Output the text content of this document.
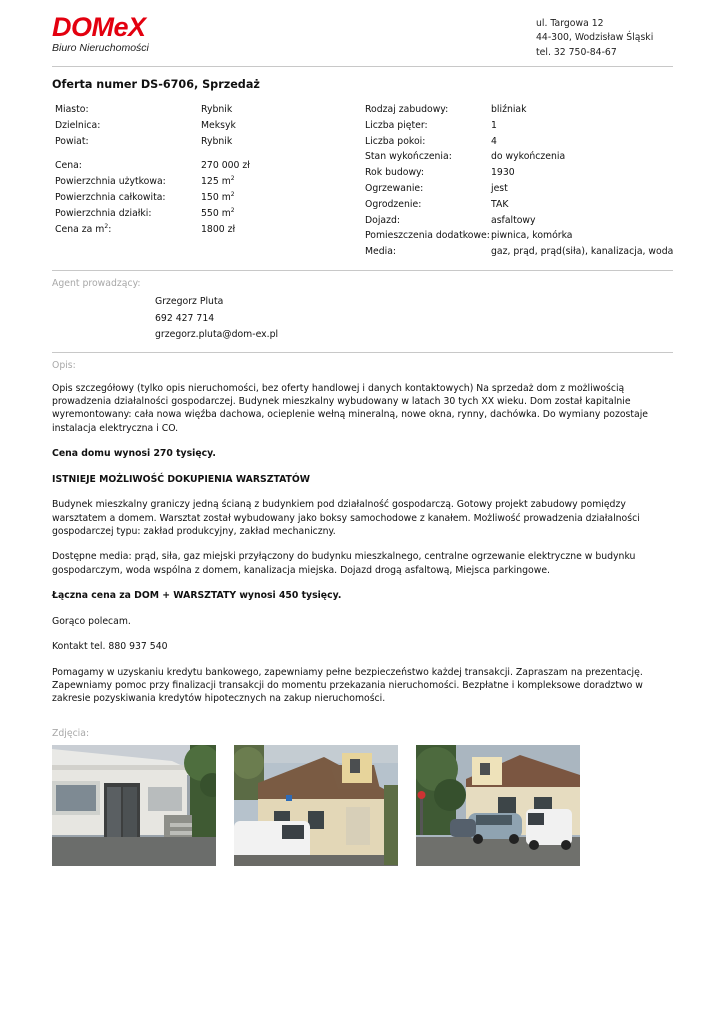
DOMeX
Biuro Nieruchomości
ul. Targowa 12
44-300, Wodzisław Śląski
tel. 32 750-84-67
Oferta numer DS-6706, Sprzedaż
Miasto:	Rybnik
Dzielnica:	Meksyk
Powiat:	Rybnik
Cena:	270 000 zł
Powierzchnia użytkowa:	125 $m^2$
Powierzchnia całkowita:	150 $m^2$
Powierzchnia działki:	550 $m^2$
Cena za $m^2$:	1800 zł
Rodzaj zabudowy:	bliźniak
Liczba pięter:	1
Liczba pokoi:	4
Stan wykończenia:	do wykończenia
Rok budowy:	1930
Ogrzewanie:	jest
Ogrodzenie:	TAK
Dojazd:	asfaltowy
Pomieszczenia dodatkowe: piwnica, komórka
Media:	gaz, prąd, prąd(siła), kanalizacja, woda
Agent prowadzący:
Grzegorz Pluta
692 427 714
grzegorz.pluta@dom-ex.pl
Opis:

Opis szczegółowy (tylko opis nieruchomości, bez oferty handlowej i danych kontaktowych) Na sprzedaż dom z możliwością prowadzenia działalności gospodarczej. Budynek mieszkalny wybudowany w latach 30 tych XX wieku. Dom został kapitalnie wyremontowany: cała nowa więźba dachowa, ocieplenie wełną mineralną, nowe okna, rynny, dachówka. Do wymiany pozostaje instalacja elektryczna i CO.

Cena domu wynosi 270 tysięcy.

ISTNIEJE MOŻLIWOŚĆ DOKUPIENIA WARSZTATÓW

Budynek mieszkalny graniczy jedną ścianą z budynkiem pod działalność gospodarczą. Gotowy projekt zabudowy pomiędzy warsztatem a domem. Warsztat został wybudowany jako boksy samochodowe z kanałem. Możliwość prowadzenia działalności gospodarczej typu: zakład produkcyjny, zakład mechaniczny.

Dostępne media: prąd, siła, gaz miejski przyłączony do budynku mieszkalnego, centralne ogrzewanie elektryczne w budynku gospodarczym, woda wspólna z domem, kanalizacja miejska. Dojazd drogą asfaltową, Miejsca parkingowe.

Łączna cena za DOM + WARSZTATY wynosi 450 tysięcy.

Gorąco polecam.

Kontakt tel. 880 937 540

Pomagamy w uzyskaniu kredytu bankowego, zapewniamy pełne bezpieczeństwo każdej transakcji. Zapraszam na prezentację. Zapewniamy pomoc przy finalizacji transakcji do momentu przekazania nieruchomości. Bezpłatne i kompleksowe doradztwo w zakresie pozyskiwania kredytów hipotecznych na zakup nieruchomości.

Zdjęcia:
